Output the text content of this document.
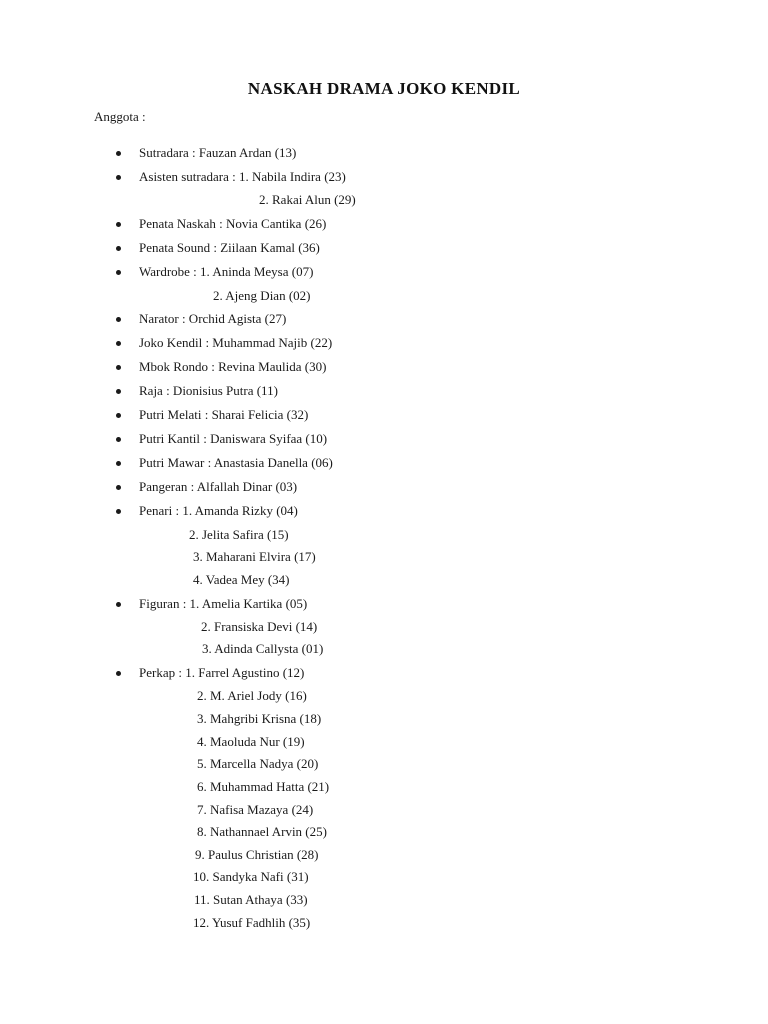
NASKAH DRAMA JOKO KENDIL
Anggota :
Sutradara : Fauzan Ardan (13)
Asisten sutradara : 1. Nabila Indira (23)
2. Rakai Alun (29)
Penata Naskah : Novia Cantika (26)
Penata Sound : Ziilaan Kamal (36)
Wardrobe : 1. Aninda Meysa (07)
2. Ajeng Dian (02)
Narator : Orchid Agista (27)
Joko Kendil : Muhammad Najib (22)
Mbok Rondo : Revina Maulida (30)
Raja : Dionisius Putra (11)
Putri Melati : Sharai Felicia (32)
Putri Kantil : Daniswara Syifaa (10)
Putri Mawar : Anastasia Danella (06)
Pangeran : Alfallah Dinar (03)
Penari : 1. Amanda Rizky (04)
2. Jelita Safira (15)
3. Maharani Elvira (17)
4. Vadea Mey (34)
Figuran : 1. Amelia Kartika (05)
2. Fransiska Devi (14)
3. Adinda Callysta (01)
Perkap : 1. Farrel Agustino (12)
2. M. Ariel Jody (16)
3. Mahgribi Krisna (18)
4. Maoluda Nur (19)
5. Marcella Nadya (20)
6. Muhammad Hatta (21)
7. Nafisa Mazaya (24)
8. Nathannael Arvin (25)
9. Paulus Christian (28)
10. Sandyka Nafi (31)
11. Sutan Athaya (33)
12. Yusuf Fadhlih (35)
